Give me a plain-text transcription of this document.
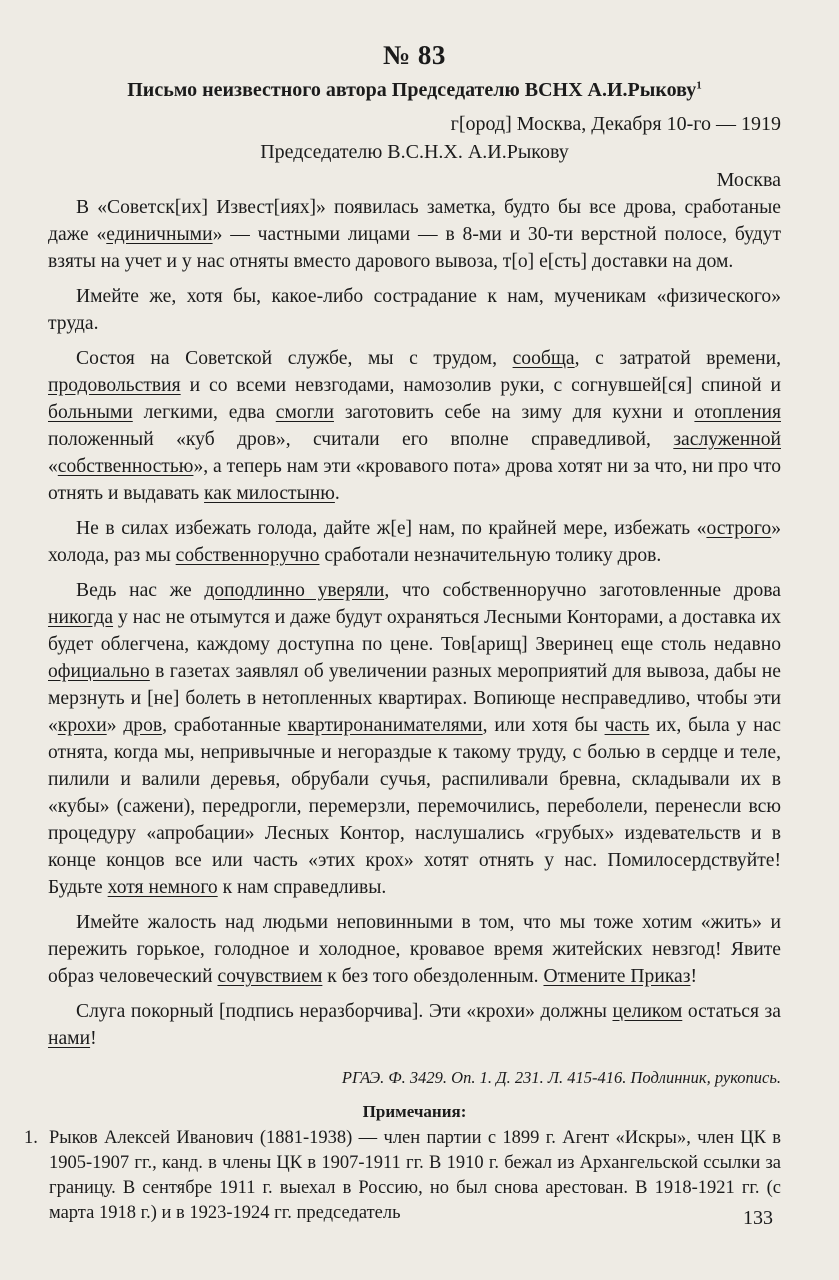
№ 83
Письмо неизвестного автора Председателю ВСНХ А.И.Рыкову$^1$
г[ород] Москва, Декабря 10-го — 1919
Председателю В.С.Н.Х. А.И.Рыкову
Москва

В «Советск[их] Извест[иях]» появилась заметка, будто бы все дрова, сработаные даже «единичными» — частными лицами — в 8-ми и 30-ти верстной полосе, будут взяты на учет и у нас отняты вместо дарового вывоза, т[о] е[сть] доставки на дом.

Имейте же, хотя бы, какое-либо сострадание к нам, мученикам «физического» труда.

Состоя на Советской службе, мы с трудом, сообща, с затратой времени, продовольствия и со всеми невзгодами, намозолив руки, с согнувшей[ся] спиной и больными легкими, едва смогли заготовить себе на зиму для кухни и отопления положенный «куб дров», считали его вполне справедливой, заслуженной «собственностью», а теперь нам эти «кровавого пота» дрова хотят ни за что, ни про что отнять и выдавать как милостыню.

Не в силах избежать голода, дайте ж[е] нам, по крайней мере, избежать «острого» холода, раз мы собственноручно сработали незначительную толику дров.

Ведь нас же доподлинно уверяли, что собственноручно заготовленные дрова никогда у нас не отымутся и даже будут охраняться Лесными Конторами, а доставка их будет облегчена, каждому доступна по цене. Тов[арищ] Зверинец еще столь недавно официально в газетах заявлял об увеличении разных мероприятий для вывоза, дабы не мерзнуть и [не] болеть в нетопленных квартирах. Вопиюще несправедливо, чтобы эти «крохи» дров, сработанные квартиронанимателями, или хотя бы часть их, была у нас отнята, когда мы, непривычные и негораздые к такому труду, с болью в сердце и теле, пилили и валили деревья, обрубали сучья, распиливали бревна, складывали их в «кубы» (сажени), передрогли, перемерзли, перемочились, переболели, перенесли всю процедуру «апробации» Лесных Контор, наслушались «грубых» издевательств и в конце концов все или часть «этих крох» хотят отнять у нас. Помилосердствуйте! Будьте хотя немного к нам справедливы.

Имейте жалость над людьми неповинными в том, что мы тоже хотим «жить» и пережить горькое, голодное и холодное, кровавое время житейских невзгод! Явите образ человеческий сочувствием к без того обездоленным. Отмените Приказ!

Слуга покорный [подпись неразборчива]. Эти «крохи» должны целиком остаться за нами!

РГАЭ. Ф. 3429. Оп. 1. Д. 231. Л. 415-416. Подлинник, рукопись.
Примечания:
1. Рыков Алексей Иванович (1881-1938) — член партии с 1899 г. Агент «Искры», член ЦК в 1905-1907 гг., канд. в члены ЦК в 1907-1911 гг. В 1910 г. бежал из Архангельской ссылки за границу. В сентябре 1911 г. выехал в Россию, но был снова арестован. В 1918-1921 гг. (с марта 1918 г.) и в 1923-1924 гг. председатель	133
